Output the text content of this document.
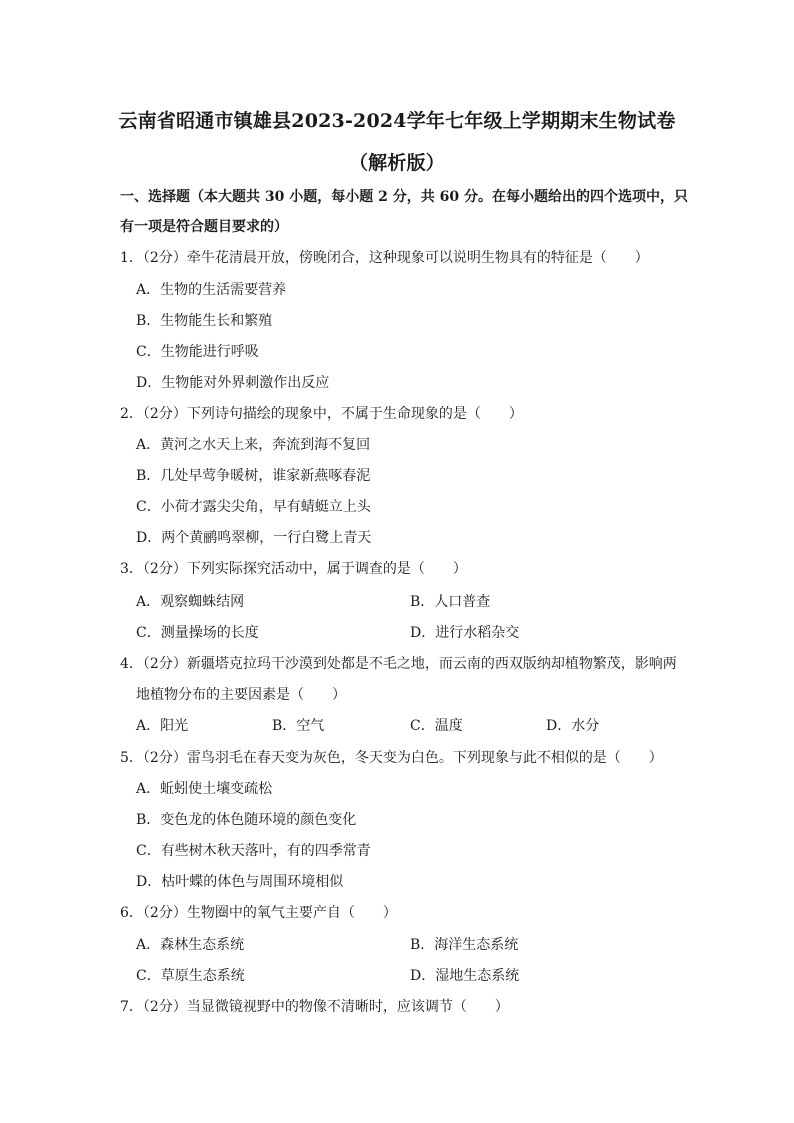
云南省昭通市镇雄县2023-2024学年七年级上学期期末生物试卷
（解析版）
一、选择题（本大题共 30 小题，每小题 2 分，共 60 分。在每小题给出的四个选项中，只
有一项是符合题目要求的）
1．（2分）牵牛花清晨开放，傍晚闭合，这种现象可以说明生物具有的特征是（　　）
A．生物的生活需要营养
B．生物能生长和繁殖
C．生物能进行呼吸
D．生物能对外界刺激作出反应
2．（2分）下列诗句描绘的现象中，不属于生命现象的是（　　）
A．黄河之水天上来，奔流到海不复回
B．几处早莺争暖树，谁家新燕啄春泥
C．小荷才露尖尖角，早有蜻蜓立上头
D．两个黄鹂鸣翠柳，一行白鹭上青天
3．（2分）下列实际探究活动中，属于调查的是（　　）
A．观察蜘蛛结网	B．人口普查
C．测量操场的长度	D．进行水稻杂交
4．（2分）新疆塔克拉玛干沙漠到处都是不毛之地，而云南的西双版纳却植物繁茂，影响两
地植物分布的主要因素是（　　）
A．阳光	B．空气	C．温度	D．水分
5．（2分）雷鸟羽毛在春天变为灰色，冬天变为白色。下列现象与此不相似的是（　　）
A．蚯蚓使土壤变疏松
B．变色龙的体色随环境的颜色变化
C．有些树木秋天落叶，有的四季常青
D．枯叶蝶的体色与周围环境相似
6．（2分）生物圈中的氧气主要产自（　　）
A．森林生态系统	B．海洋生态系统
C．草原生态系统	D．湿地生态系统
7．（2分）当显微镜视野中的物像不清晰时，应该调节（　　）
